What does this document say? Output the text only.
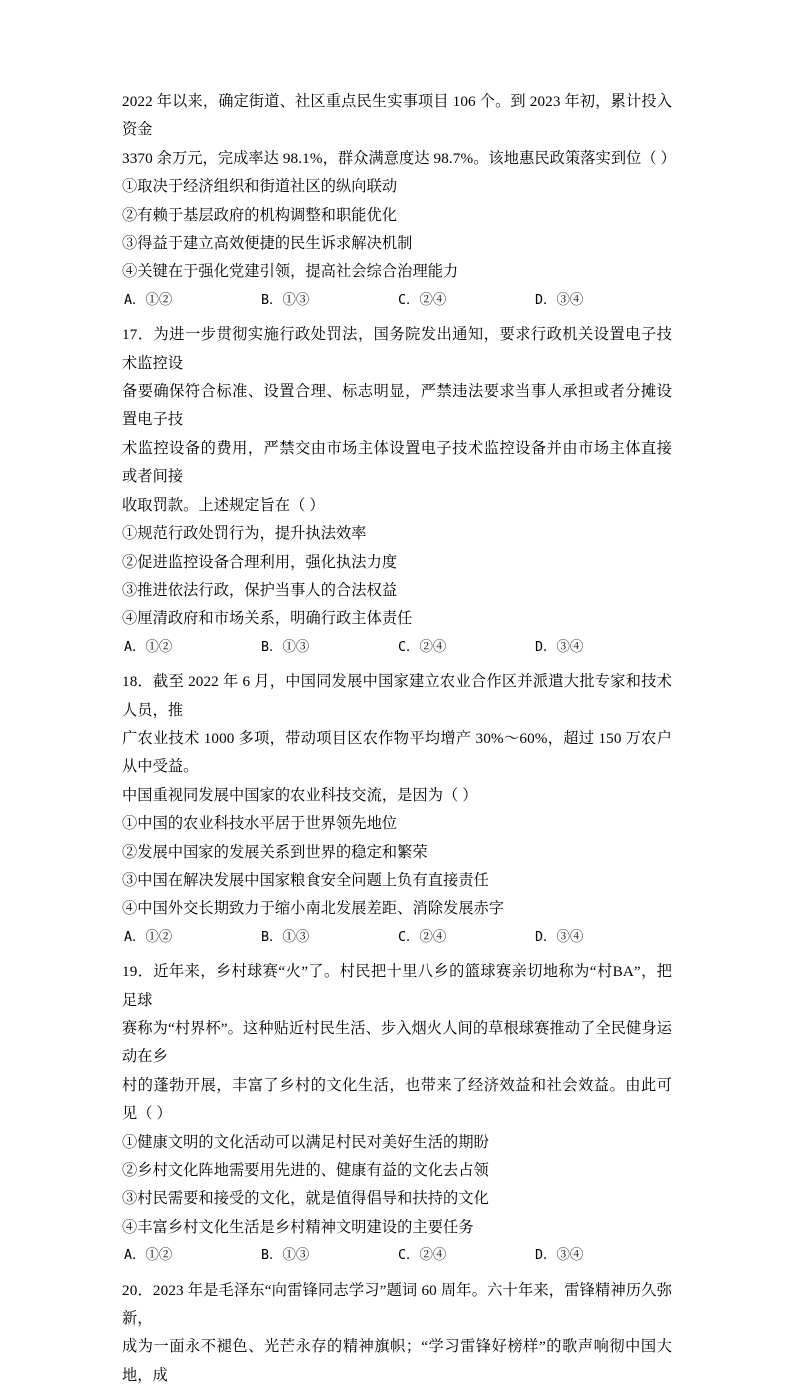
2022 年以来，确定街道、社区重点民生实事项目 106 个。到 2023 年初，累计投入资金

3370 余万元，完成率达 98.1%，群众满意度达 98.7%。该地惠民政策落实到位（ ）

①取决于经济组织和街道社区的纵向联动

②有赖于基层政府的机构调整和职能优化

③得益于建立高效便捷的民生诉求解决机制

④关键在于强化党建引领，提高社会综合治理能力

A．①②	B．①③	C．②④	D．③④

17．为进一步贯彻实施行政处罚法，国务院发出通知，要求行政机关设置电子技术监控设

备要确保符合标准、设置合理、标志明显，严禁违法要求当事人承担或者分摊设置电子技

术监控设备的费用，严禁交由市场主体设置电子技术监控设备并由市场主体直接或者间接

收取罚款。上述规定旨在（ ）

①规范行政处罚行为，提升执法效率

②促进监控设备合理利用，强化执法力度

③推进依法行政，保护当事人的合法权益

④厘清政府和市场关系，明确行政主体责任

A．①②	B．①③	C．②④	D．③④

18．截至 2022 年 6 月，中国同发展中国家建立农业合作区并派遣大批专家和技术人员，推

广农业技术 1000 多项，带动项目区农作物平均增产 30%～60%，超过 150 万农户从中受益。

中国重视同发展中国家的农业科技交流，是因为（ ）

①中国的农业科技水平居于世界领先地位

②发展中国家的发展关系到世界的稳定和繁荣

③中国在解决发展中国家粮食安全问题上负有直接责任

④中国外交长期致力于缩小南北发展差距、消除发展赤字

A．①②	B．①③	C．②④	D．③④

19．近年来，乡村球赛“火”了。村民把十里八乡的篮球赛亲切地称为“村BA”，把足球

赛称为“村界杯”。这种贴近村民生活、步入烟火人间的草根球赛推动了全民健身运动在乡

村的蓬勃开展，丰富了乡村的文化生活，也带来了经济效益和社会效益。由此可见（ ）

①健康文明的文化活动可以满足村民对美好生活的期盼

②乡村文化阵地需要用先进的、健康有益的文化去占领

③村民需要和接受的文化，就是值得倡导和扶持的文化

④丰富乡村文化生活是乡村精神文明建设的主要任务

A．①②	B．①③	C．②④	D．③④

20．2023 年是毛泽东“向雷锋同志学习”题词 60 周年。六十年来，雷锋精神历久弥新，

成为一面永不褪色、光芒永存的精神旗帜；“学习雷锋好榜样”的歌声响彻中国大地，成
